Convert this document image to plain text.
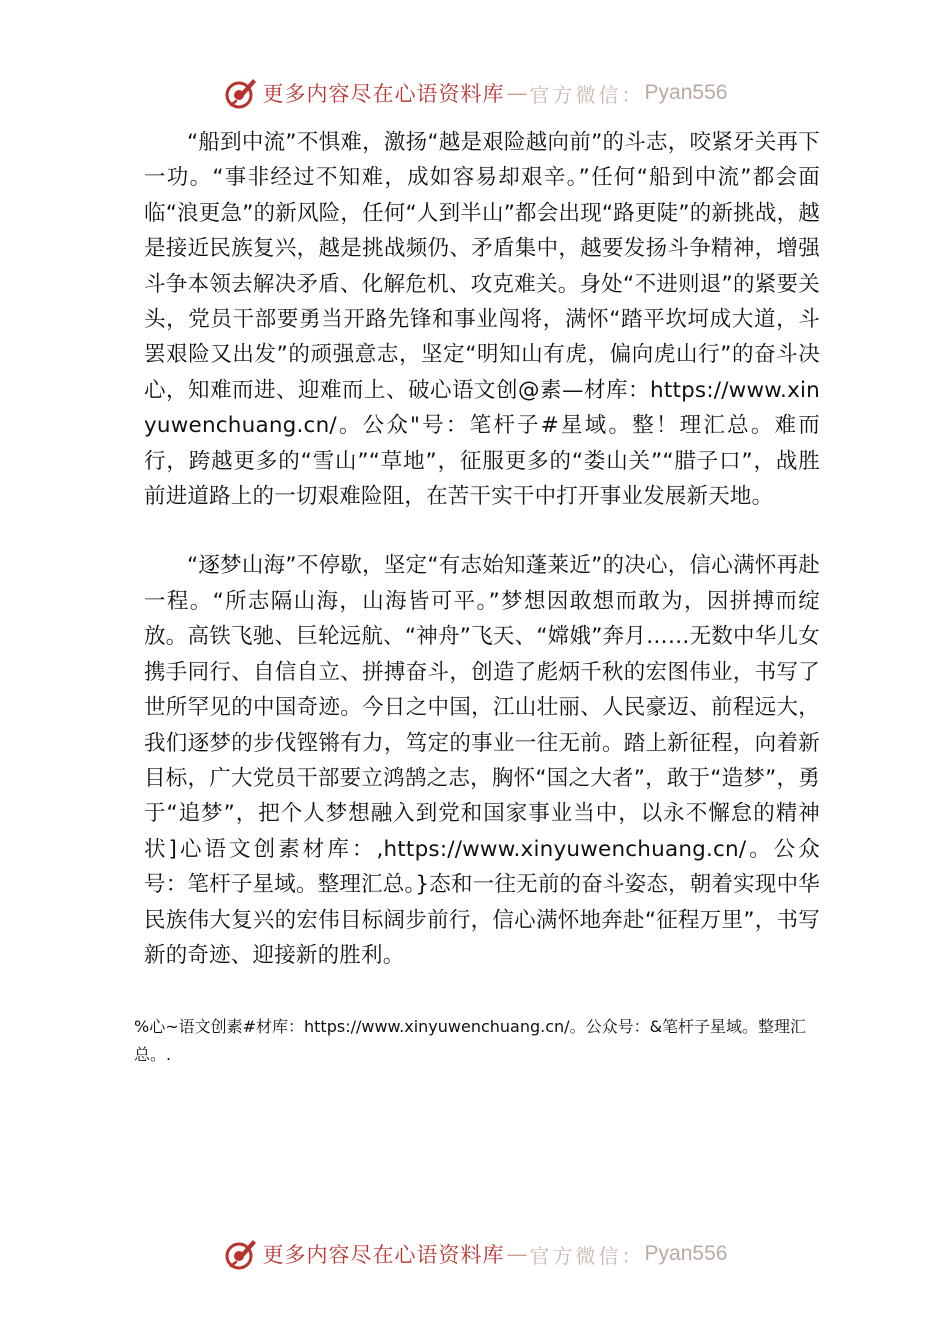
更多内容尽在心语资料库 — 官方微信： Pyan556

“船到中流”不惧难，激扬“越是艰险越向前”的斗志，咬紧牙关再下一功。“事非经过不知难，成如容易却艰辛。”任何“船到中流”都会面临“浪更急”的新风险，任何“人到半山”都会出现“路更陡”的新挑战，越是接近民族复兴，越是挑战频仍、矛盾集中，越要发扬斗争精神，增强斗争本领去解决矛盾、化解危机、攻克难关。身处“不进则退”的紧要关头，党员干部要勇当开路先锋和事业闯将，满怀“踏平坎坷成大道，斗罢艰险又出发”的顽强意志，坚定“明知山有虎，偏向虎山行”的奋斗决心，知难而进、迎难而上、破心语文创@素—材库：https://www.xinyuwenchuang.cn/。公众"号：笔杆子#星域。整！理汇总。难而行，跨越更多的“雪山”“草地”，征服更多的“娄山关”“腊子口”，战胜前进道路上的一切艰难险阻，在苦干实干中打开事业发展新天地。

“逐梦山海”不停歇，坚定“有志始知蓬莱近”的决心，信心满怀再赴一程。“所志隔山海，山海皆可平。”梦想因敢想而敢为，因拼搏而绽放。高铁飞驰、巨轮远航、“神舟”飞天、“嫦娥”奔月……无数中华儿女携手同行、自信自立、拼搏奋斗，创造了彪炳千秋的宏图伟业，书写了世所罕见的中国奇迹。今日之中国，江山壮丽、人民豪迈、前程远大，我们逐梦的步伐铿锵有力，笃定的事业一往无前。踏上新征程，向着新目标，广大党员干部要立鸿鹄之志，胸怀“国之大者”，敢于“造梦”，勇于“追梦”，把个人梦想融入到党和国家事业当中，以永不懈怠的精神状]心语文创素材库：,https://www.xinyuwenchuang.cn/。公众号：笔杆子星域。整理汇总。}态和一往无前的奋斗姿态，朝着实现中华民族伟大复兴的宏伟目标阔步前行，信心满怀地奔赴“征程万里”，书写新的奇迹、迎接新的胜利。

%心~语文创素#材库：https://www.xinyuwenchuang.cn/。公众号：&笔杆子星域。整理汇总。.

更多内容尽在心语资料库 — 官方微信： Pyan556
